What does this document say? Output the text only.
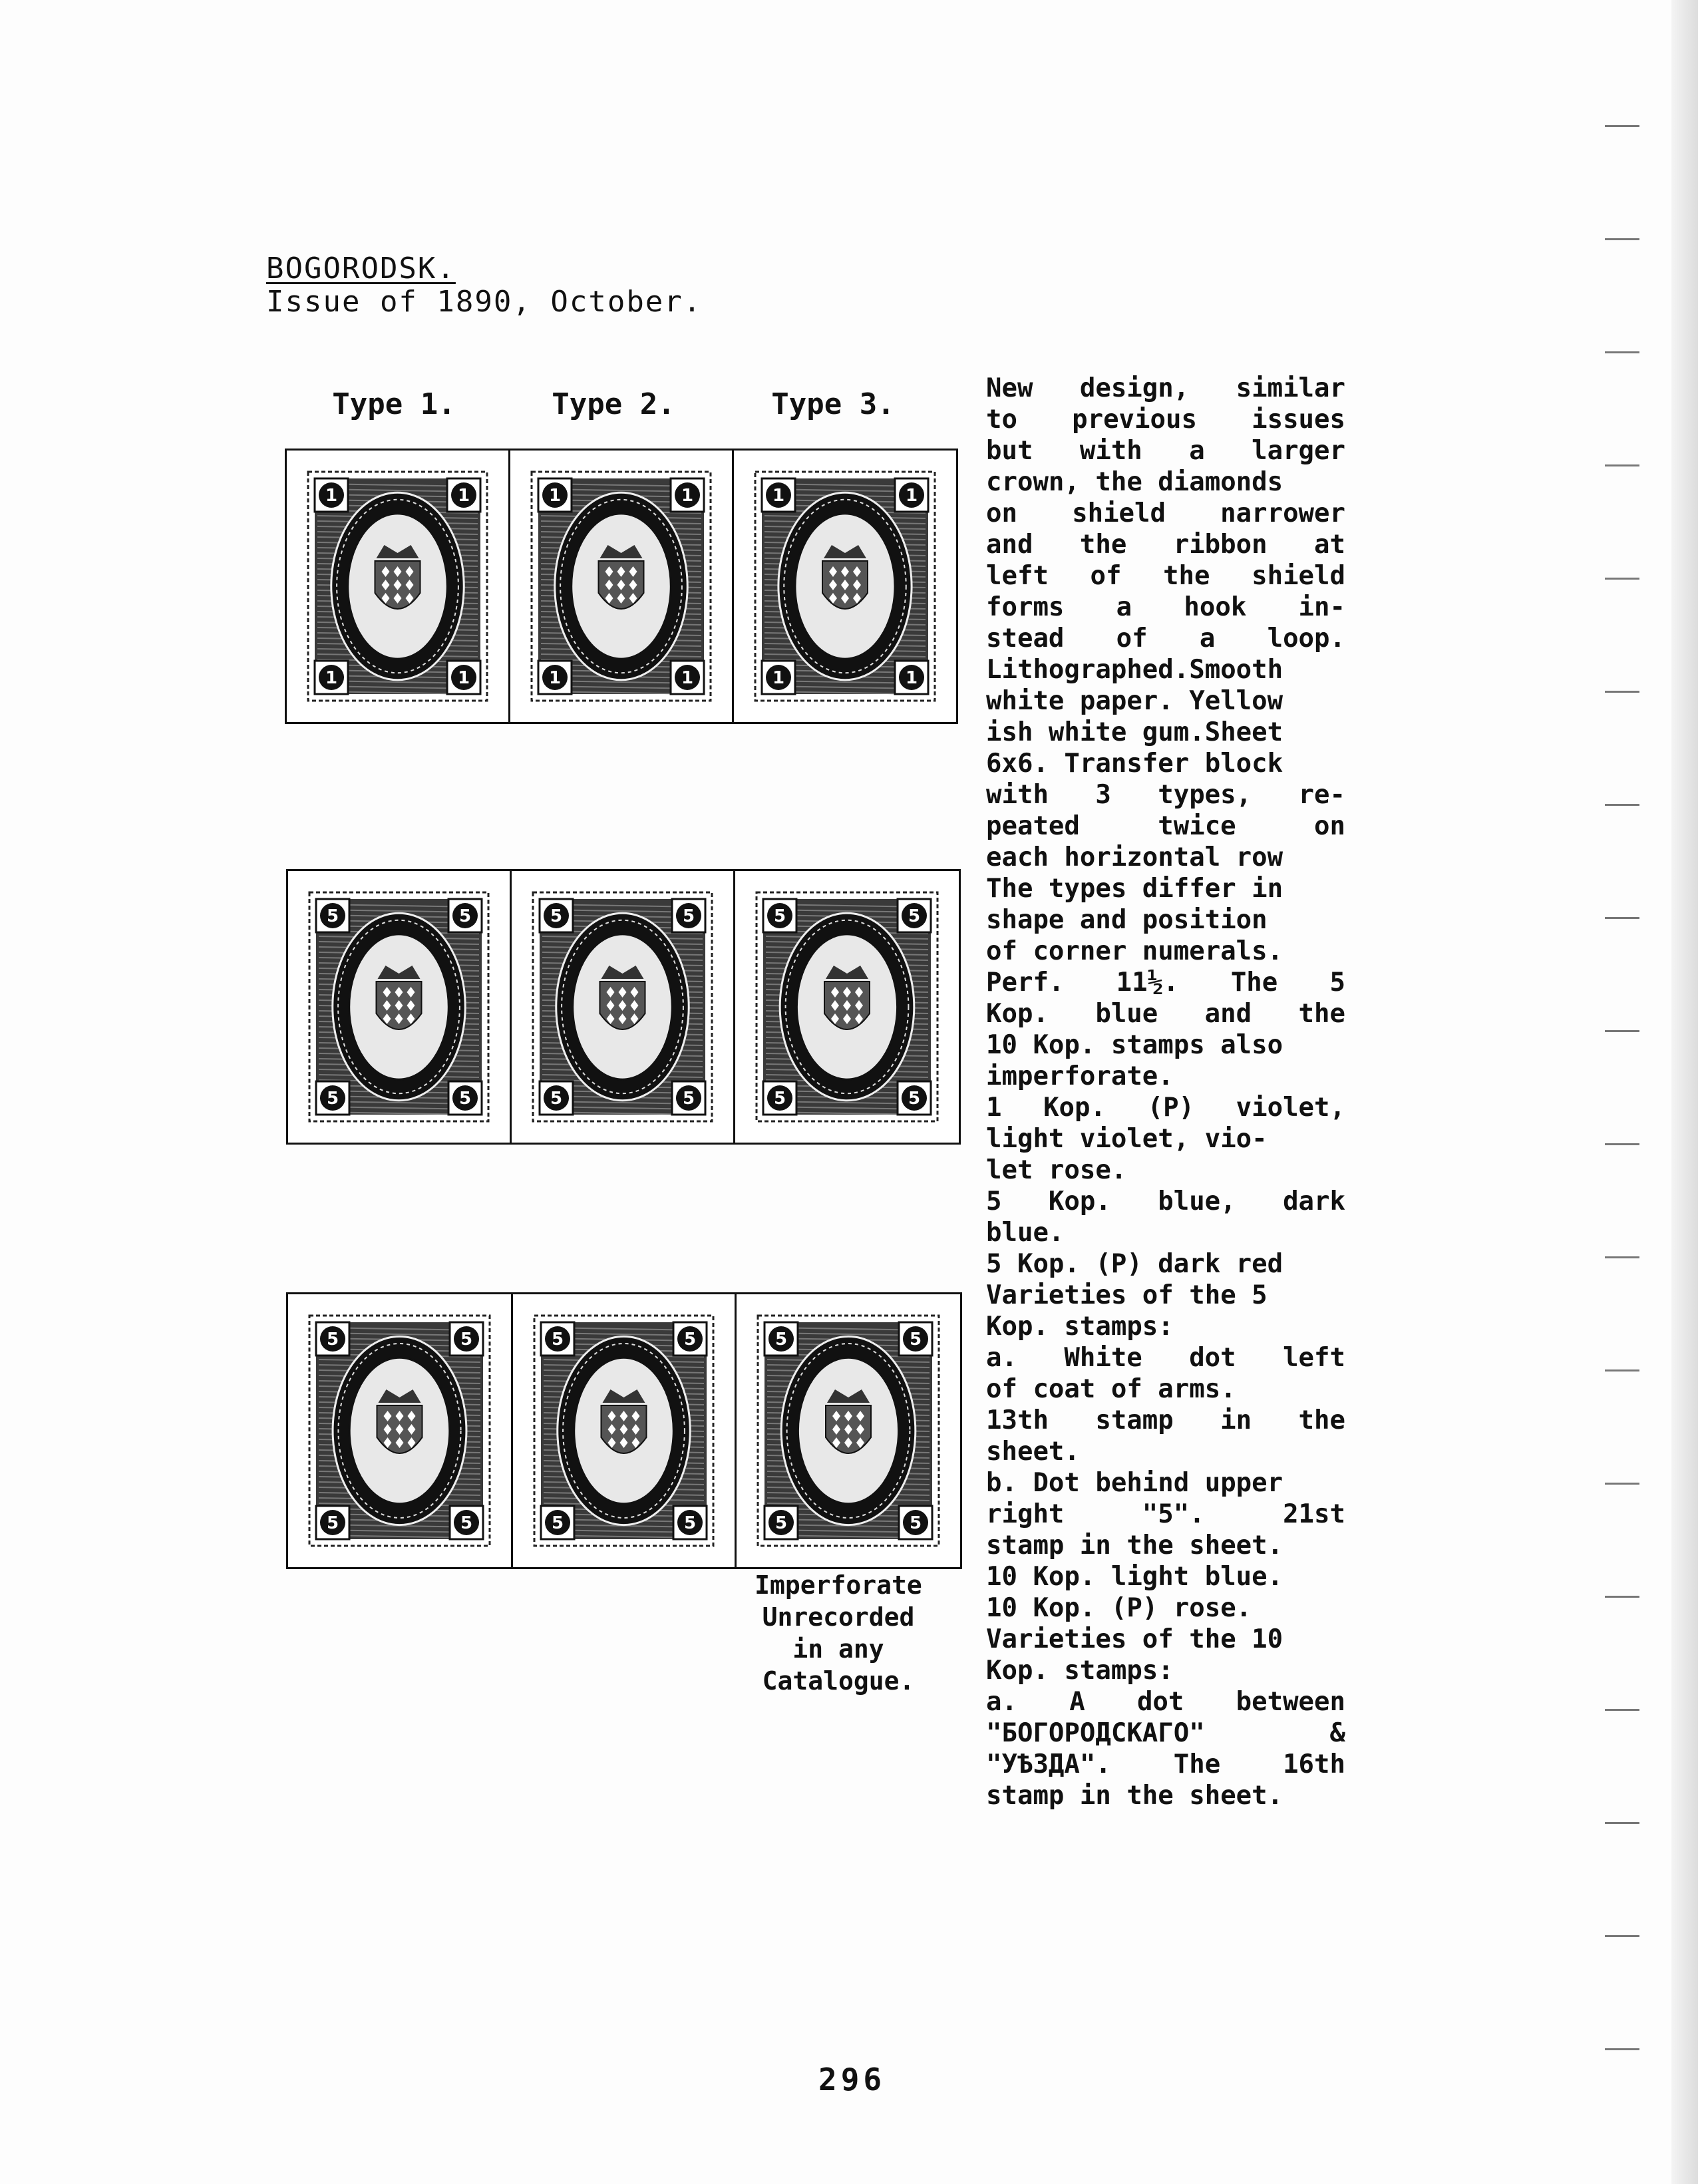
BOGORODSK.
Issue of 1890, October.
Type 1.	Type 2.	Type 3.
1	1
1	1
1	1
1	1
1	1
1	1
5	5
5	5
5	5
5	5
5	5
5	5
5	5
5	5
5	5
5	5
5	5
5	5
Imperforate
Unrecorded
in any
Catalogue.
New design, similar
to previous issues
but with a larger
crown, the diamonds
on shield narrower
and the ribbon at
left of the shield
forms a hook in-
stead of a loop.
Lithographed.Smooth
white paper. Yellow
ish white gum.Sheet
6x6. Transfer block
with 3 types, re-
peated twice on
each horizontal row
The types differ in
shape and position
of corner numerals.
Perf. 11½. The 5
Kop. blue and the
10 Kop. stamps also
imperforate.
1 Kop. (P) violet,
light violet, vio-
let rose.
5 Kop. blue, dark
blue.
5 Kop. (P) dark red
Varieties of the 5
Kop. stamps:
a. White dot left
of coat of arms.
13th stamp in the
sheet.
b. Dot behind upper
right "5". 21st
stamp in the sheet.
10 Kop. light blue.
10 Kop. (P) rose.
Varieties of the 10
Kop. stamps:
a. A dot between
"БОГОРОДСКАГО" &
"УѢЗДА". The 16th
stamp in the sheet.
296
